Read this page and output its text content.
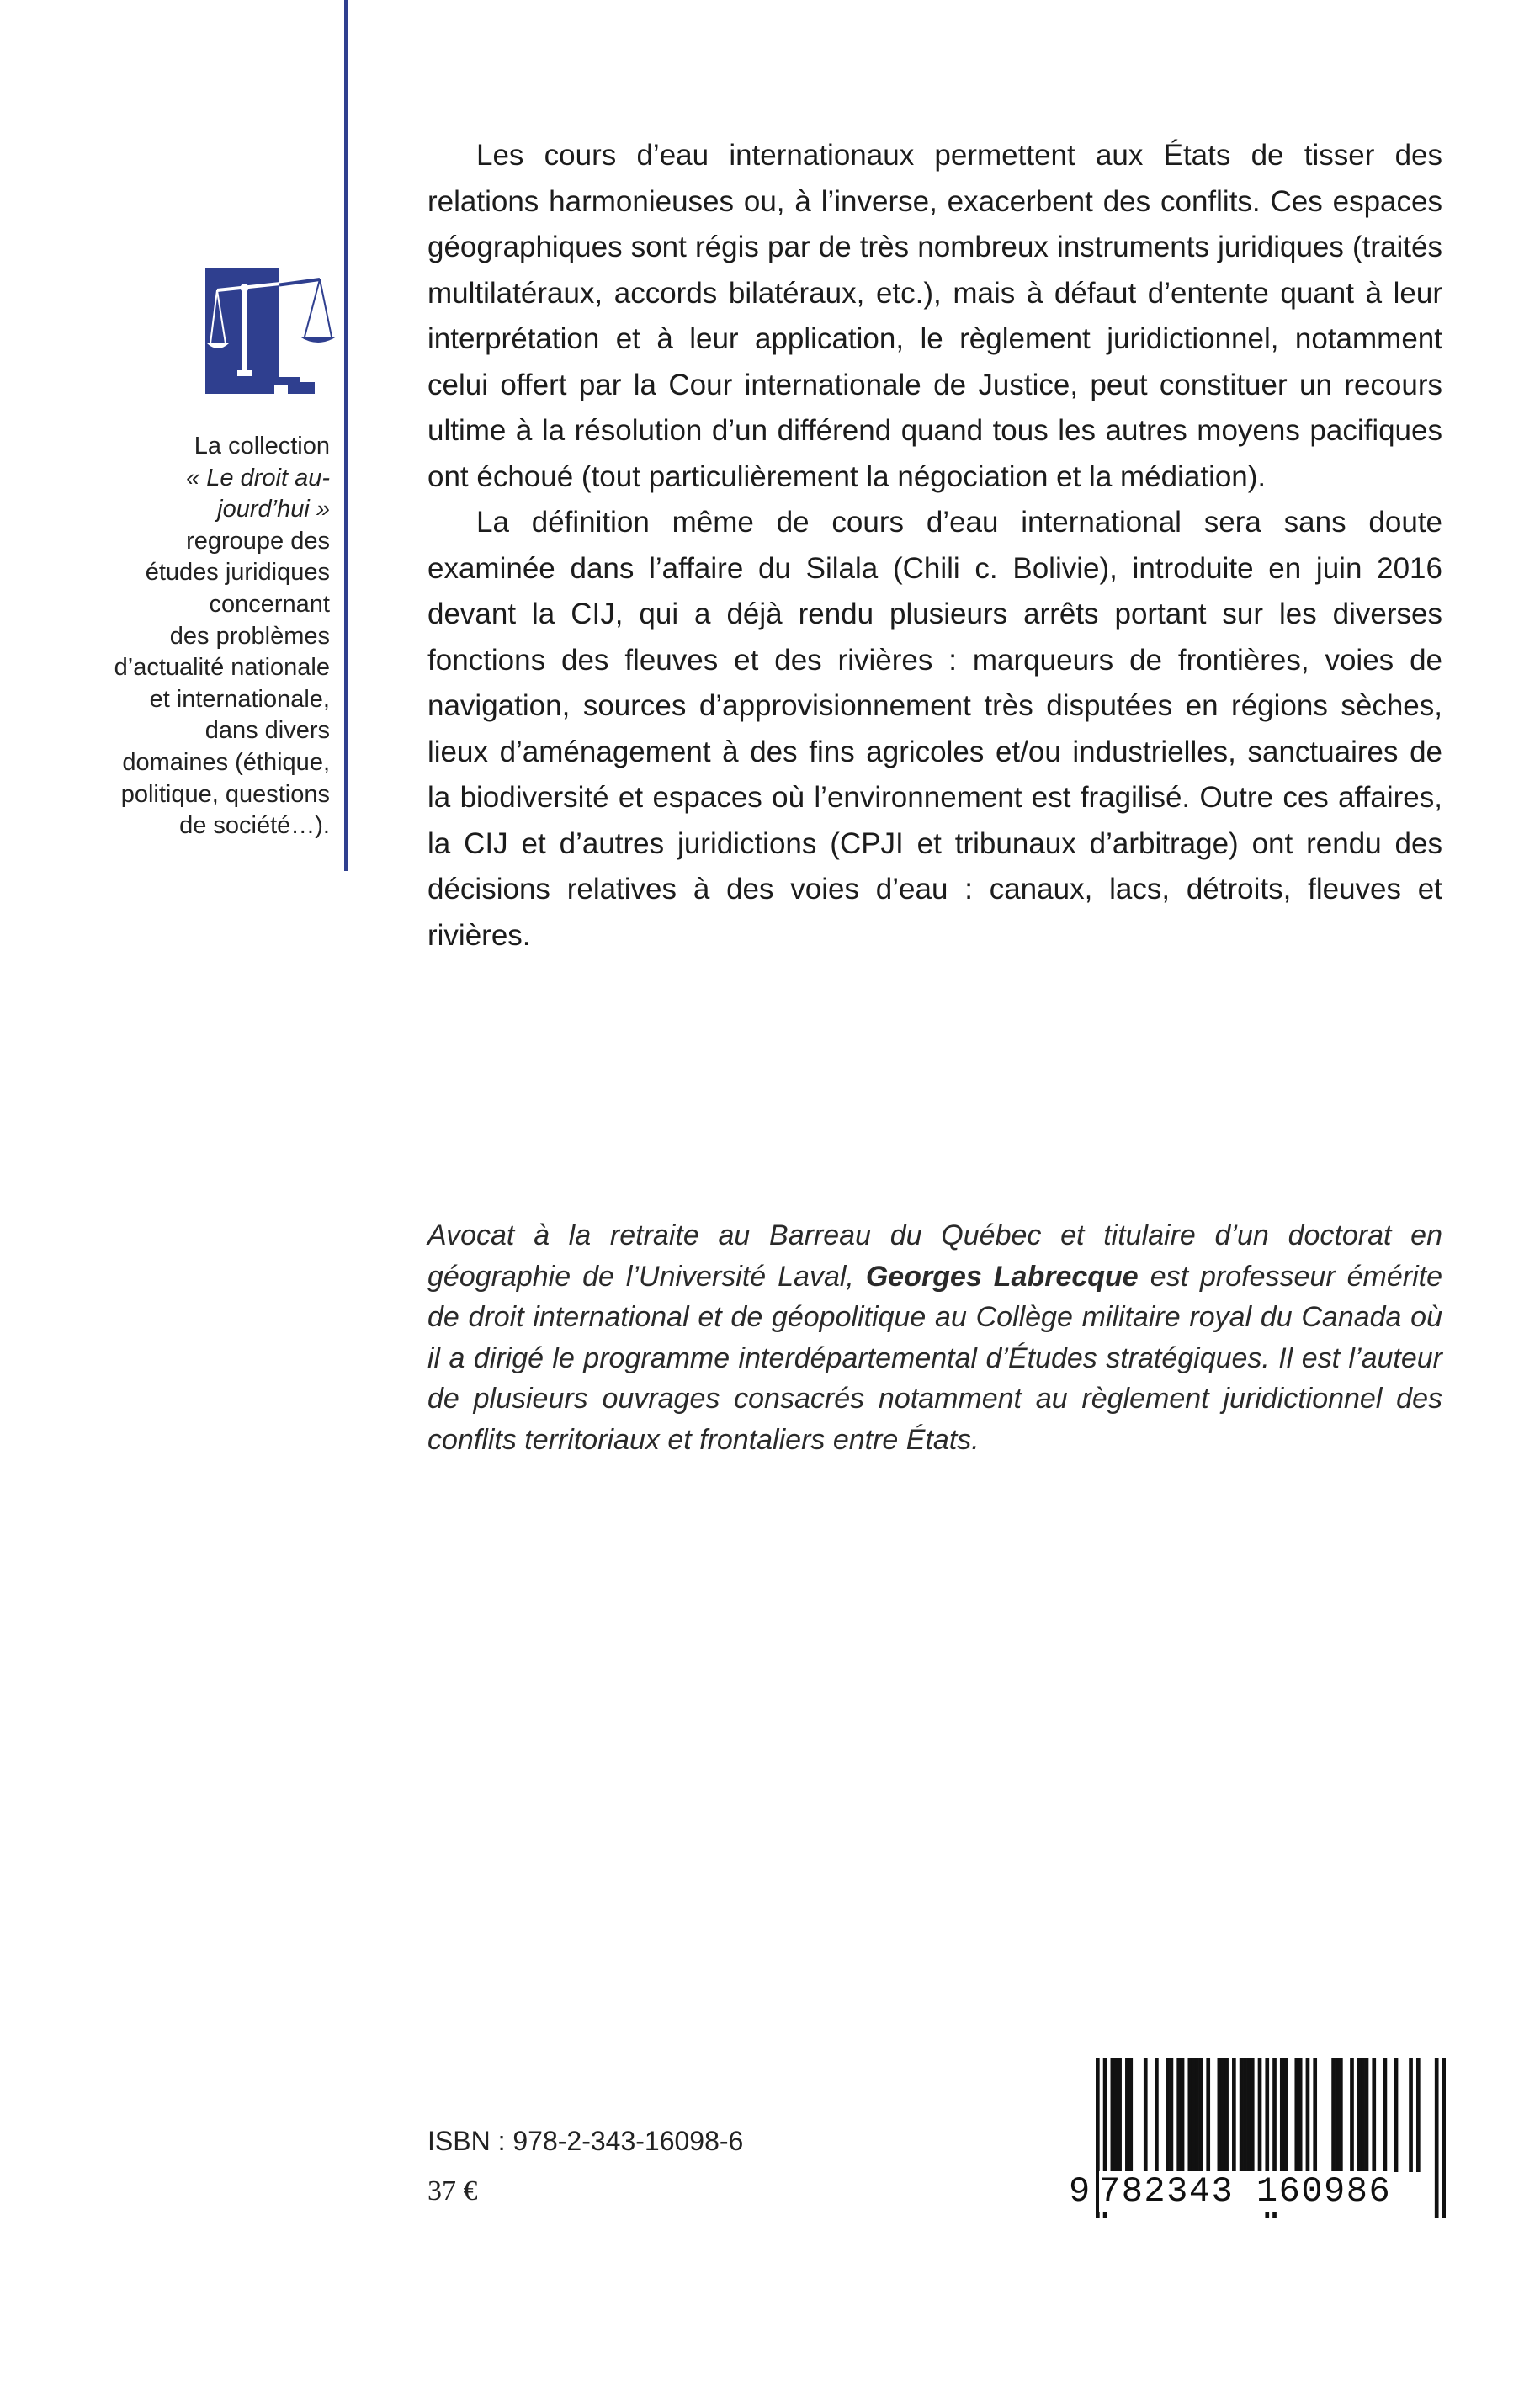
La collection
« Le droit au-
jourd’hui »
regroupe des
études juridiques
concernant
des problèmes
d’actualité nationale
et internationale,
dans divers
domaines (éthique,
politique, questions
de société…).

Les cours d’eau internationaux permettent aux États de tisser des relations harmonieuses ou, à l’inverse, exacerbent des conflits. Ces espaces géographiques sont régis par de très nombreux instruments juridiques (traités multilatéraux, accords bilatéraux, etc.), mais à défaut d’entente quant à leur interprétation et à leur application, le règlement juridictionnel, notamment celui offert par la Cour internationale de Justice, peut constituer un recours ultime à la résolution d’un différend quand tous les autres moyens pacifiques ont échoué (tout particulièrement la négociation et la médiation).

La définition même de cours d’eau international sera sans doute examinée dans l’affaire du Silala (Chili c. Bolivie), introduite en juin 2016 devant la CIJ, qui a déjà rendu plusieurs arrêts portant sur les diverses fonctions des fleuves et des rivières : marqueurs de frontières, voies de navigation, sources d’approvisionnement très disputées en régions sèches, lieux d’aménagement à des fins agricoles et/ou industrielles, sanctuaires de la biodiversité et espaces où l’environnement est fragilisé. Outre ces affaires, la CIJ et d’autres juridictions (CPJI et tribunaux d’arbitrage) ont rendu des décisions relatives à des voies d’eau : canaux, lacs, détroits, fleuves et rivières.

Avocat à la retraite au Barreau du Québec et titulaire d’un doctorat en géographie de l’Université Laval, Georges Labrecque est professeur émérite de droit international et de géopolitique au Collège militaire royal du Canada où il a dirigé le programme interdépartemental d’Études stratégiques. Il est l’auteur de plusieurs ouvrages consacrés notamment au règlement juridictionnel des conflits territoriaux et frontaliers entre États.

ISBN : 978-2-343-16098-6
37 €	9 782343 160986
